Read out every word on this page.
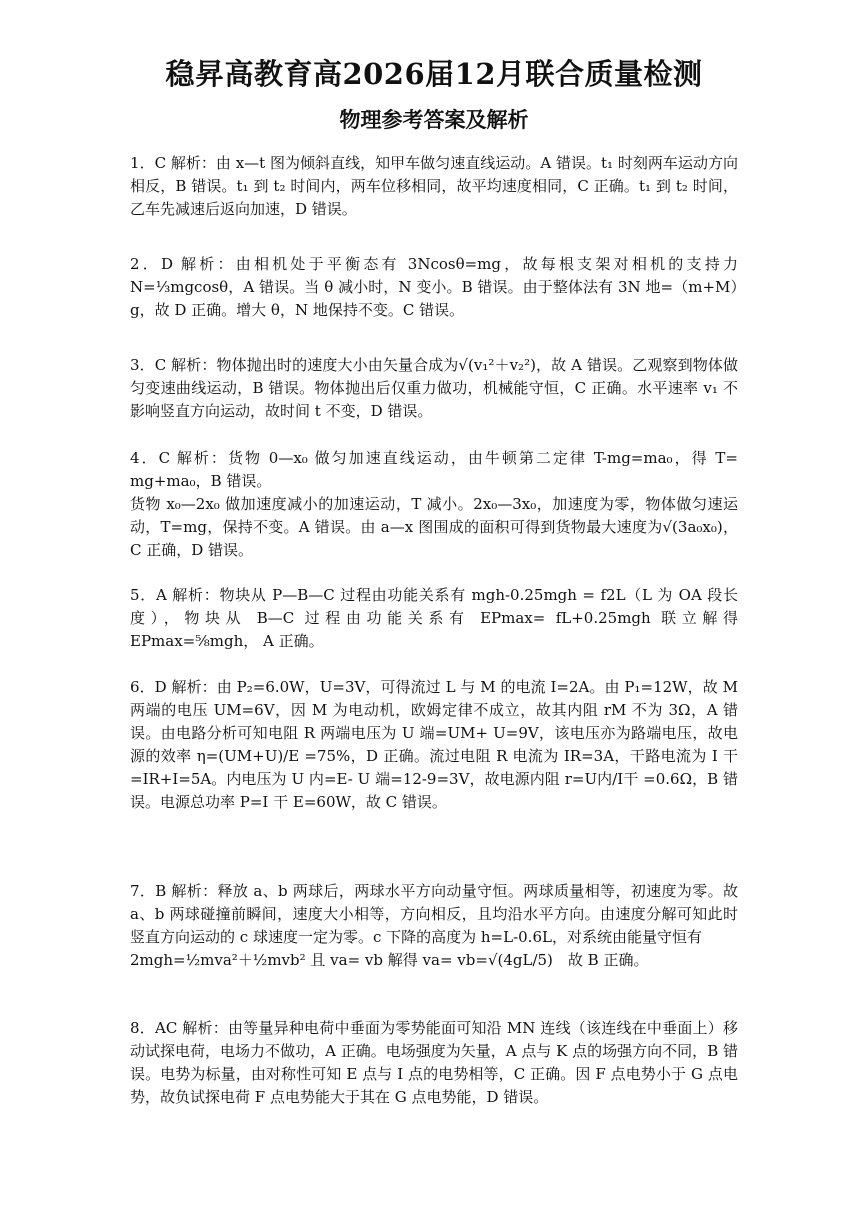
稳昇高教育高2026届12月联合质量检测
物理参考答案及解析

1．C 解析：由 x—t 图为倾斜直线，知甲车做匀速直线运动。A 错误。t₁ 时刻两车运动方向相反，B 错误。t₁ 到 t₂ 时间内，两车位移相同，故平均速度相同，C 正确。t₁ 到 t₂ 时间，乙车先减速后返向加速，D 错误。

2．D 解析：由相机处于平衡态有 3Ncosθ=mg，故每根支架对相机的支持力 N=⅓mgcosθ，A 错误。当 θ 减小时，N 变小。B 错误。由于整体法有 3N 地=（m+M）g，故 D 正确。增大 θ，N 地保持不变。C 错误。

3．C 解析：物体抛出时的速度大小由矢量合成为√(v₁²＋v₂²)，故 A 错误。乙观察到物体做匀变速曲线运动，B 错误。物体抛出后仅重力做功，机械能守恒，C 正确。水平速率 v₁ 不影响竖直方向运动，故时间 t 不变，D 错误。

4．C 解析：货物 0—x₀ 做匀加速直线运动，由牛顿第二定律 T-mg=ma₀，得 T= mg+ma₀，B 错误。

货物 x₀—2x₀ 做加速度减小的加速运动，T 减小。2x₀—3x₀，加速度为零，物体做匀速运动，T=mg，保持不变。A 错误。由 a—x 图围成的面积可得到货物最大速度为√(3a₀x₀)，C 正确，D 错误。

5．A 解析：物块从 P—B—C 过程由功能关系有 mgh-0.25mgh = f2L（L 为 OA 段长度），物块从 B—C 过程由功能关系有 EPmax= fL+0.25mgh 联立解得 EPmax=⅝mgh， A 正确。

6．D 解析：由 P₂=6.0W，U=3V，可得流过 L 与 M 的电流 I=2A。由 P₁=12W，故 M 两端的电压 UM=6V，因 M 为电动机，欧姆定律不成立，故其内阻 rM 不为 3Ω，A 错误。由电路分析可知电阻 R 两端电压为 U 端=UM+ U=9V，该电压亦为路端电压，故电源的效率 η=(UM+U)/E =75%，D 正确。流过电阻 R 电流为 IR=3A，干路电流为 I 干=IR+I=5A。内电压为 U 内=E- U 端=12-9=3V，故电源内阻 r=U内/I干 =0.6Ω，B 错误。电源总功率 P=I 干 E=60W，故 C 错误。

7．B 解析：释放 a、b 两球后，两球水平方向动量守恒。两球质量相等，初速度为零。故 a、b 两球碰撞前瞬间，速度大小相等，方向相反，且均沿水平方向。由速度分解可知此时竖直方向运动的 c 球速度一定为零。c 下降的高度为 h=L-0.6L，对系统由能量守恒有

2mgh=½mva²＋½mvb² 且 va= vb 解得 va= vb=√(4gL/5)　故 B 正确。

8．AC 解析：由等量异种电荷中垂面为零势能面可知沿 MN 连线（该连线在中垂面上）移动试探电荷，电场力不做功，A 正确。电场强度为矢量，A 点与 K 点的场强方向不同，B 错误。电势为标量，由对称性可知 E 点与 I 点的电势相等，C 正确。因 F 点电势小于 G 点电势，故负试探电荷 F 点电势能大于其在 G 点电势能，D 错误。
